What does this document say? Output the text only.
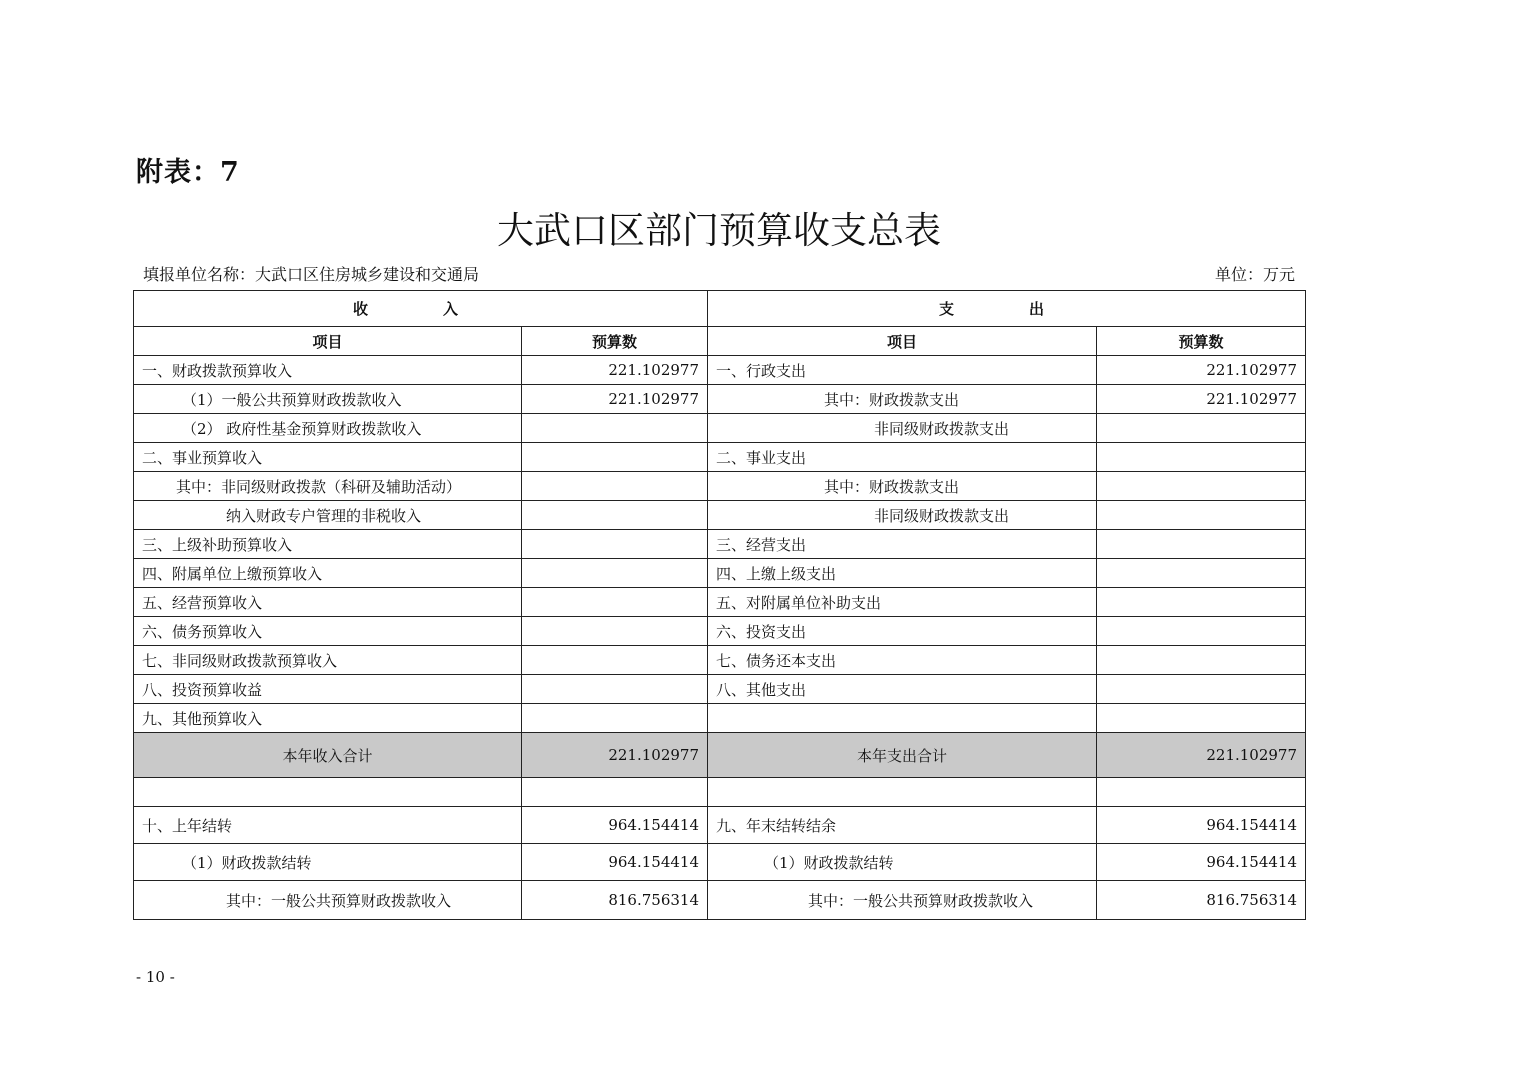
附表：7
大武口区部门预算收支总表
填报单位名称：大武口区住房城乡建设和交通局	单位：万元
收　入		支　出	
项目	预算数	项目	预算数
一、财政拨款预算收入	221.102977	一、行政支出	221.102977
（1）一般公共预算财政拨款收入	221.102977	其中：财政拨款支出	221.102977
（2） 政府性基金预算财政拨款收入		非同级财政拨款支出	
二、事业预算收入		二、事业支出	
其中：非同级财政拨款（科研及辅助活动）		其中：财政拨款支出	
纳入财政专户管理的非税收入		非同级财政拨款支出	
三、上级补助预算收入		三、经营支出	
四、附属单位上缴预算收入		四、上缴上级支出	
五、经营预算收入		五、对附属单位补助支出	
六、债务预算收入		六、投资支出	
七、非同级财政拨款预算收入		七、债务还本支出	
八、投资预算收益		八、其他支出	
九、其他预算收入			
本年收入合计	221.102977	本年支出合计	221.102977

十、上年结转	964.154414	九、年末结转结余	964.154414
（1）财政拨款结转	964.154414	（1）财政拨款结转	964.154414
其中：一般公共预算财政拨款收入	816.756314	其中：一般公共预算财政拨款收入	816.756314
- 10 -
